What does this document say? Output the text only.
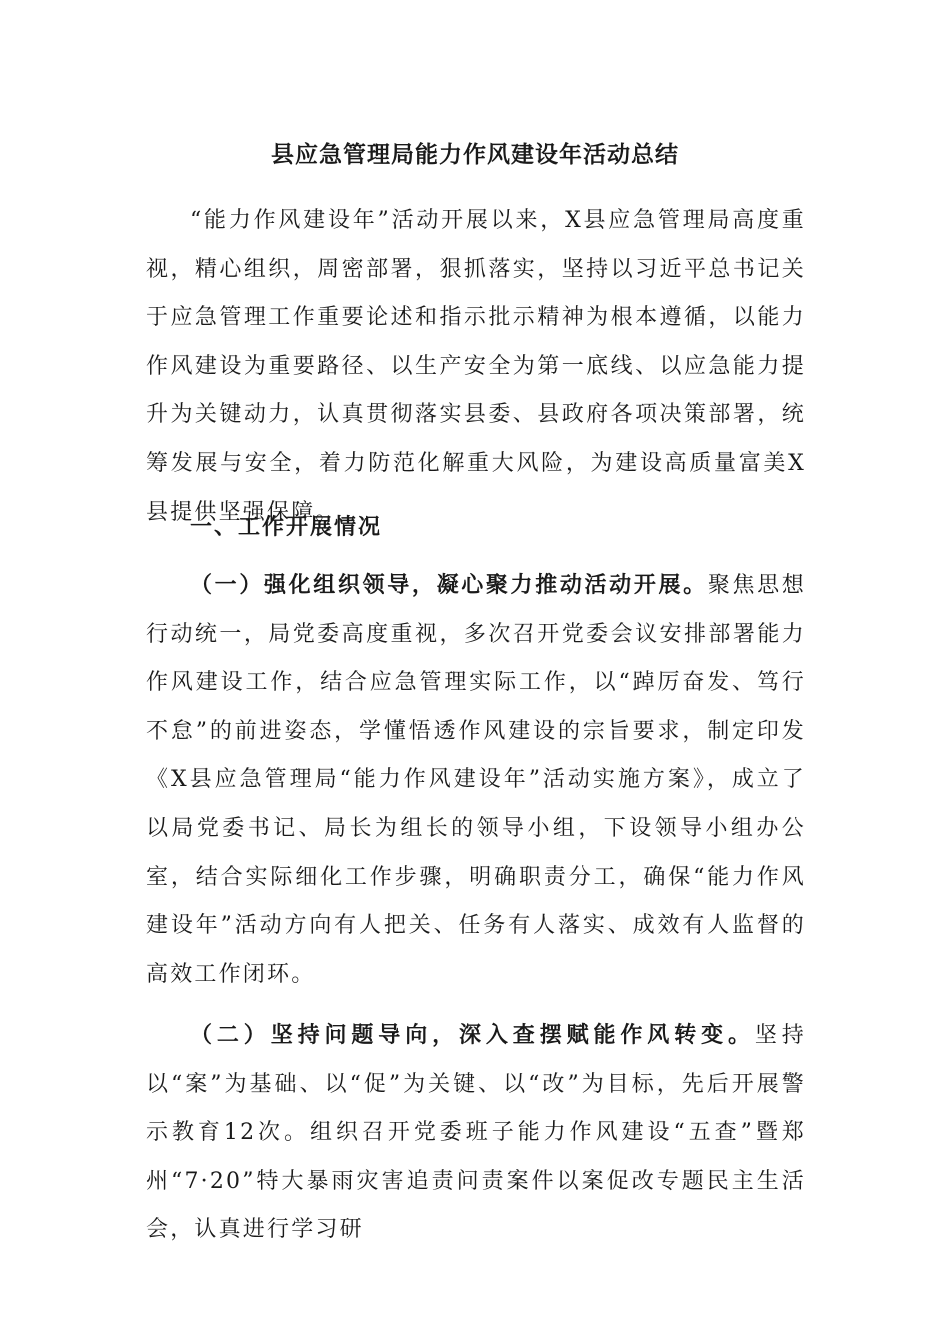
县应急管理局能力作风建设年活动总结

“能力作风建设年”活动开展以来，X县应急管理局高度重视，精心组织，周密部署，狠抓落实，坚持以习近平总书记关于应急管理工作重要论述和指示批示精神为根本遵循，以能力作风建设为重要路径、以生产安全为第一底线、以应急能力提升为关键动力，认真贯彻落实县委、县政府各项决策部署，统筹发展与安全，着力防范化解重大风险，为建设高质量富美X县提供坚强保障。

一、工作开展情况

（一）强化组织领导，凝心聚力推动活动开展。聚焦思想行动统一，局党委高度重视，多次召开党委会议安排部署能力作风建设工作，结合应急管理实际工作，以“踔厉奋发、笃行不怠”的前进姿态，学懂悟透作风建设的宗旨要求，制定印发《X县应急管理局“能力作风建设年”活动实施方案》，成立了以局党委书记、局长为组长的领导小组，下设领导小组办公室，结合实际细化工作步骤，明确职责分工，确保“能力作风建设年”活动方向有人把关、任务有人落实、成效有人监督的高效工作闭环。

（二）坚持问题导向，深入查摆赋能作风转变。坚持以“案”为基础、以“促”为关键、以“改”为目标，先后开展警示教育12次。组织召开党委班子能力作风建设“五查”暨郑州“7·20”特大暴雨灾害追责问责案件以案促改专题民主生活会，认真进行学习研
